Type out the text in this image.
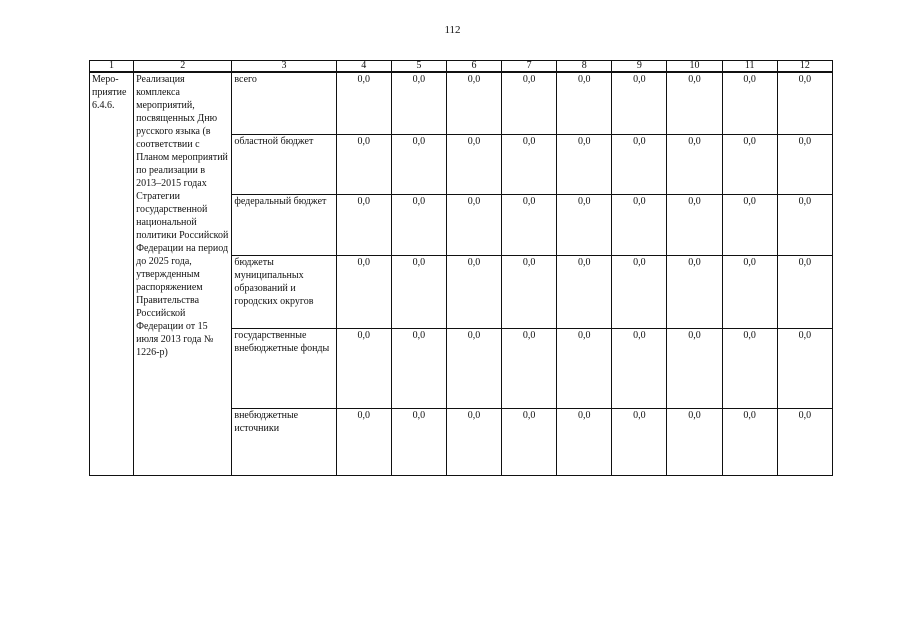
112
1	2	3	4	5	6	7	8	9	10	11	12
Меро-приятие 6.4.6.	Реализация комплекса мероприятий, посвященных Дню русского языка (в соответствии с Планом мероприятий по реализации в 2013–2015 годах Стратегии государственной национальной политики Российской Федерации на период до 2025 года, утвержденным распоряжением Правительства Российской Федерации от 15 июля 2013 года № 1226-р)	всего	0,0	0,0	0,0	0,0	0,0	0,0	0,0	0,0	0,0
		областной бюджет	0,0	0,0	0,0	0,0	0,0	0,0	0,0	0,0	0,0
		федеральный бюджет	0,0	0,0	0,0	0,0	0,0	0,0	0,0	0,0	0,0
		бюджеты муниципальных образований и городских округов	0,0	0,0	0,0	0,0	0,0	0,0	0,0	0,0	0,0
		государственные внебюджетные фонды	0,0	0,0	0,0	0,0	0,0	0,0	0,0	0,0	0,0
		внебюджетные источники	0,0	0,0	0,0	0,0	0,0	0,0	0,0	0,0	0,0
